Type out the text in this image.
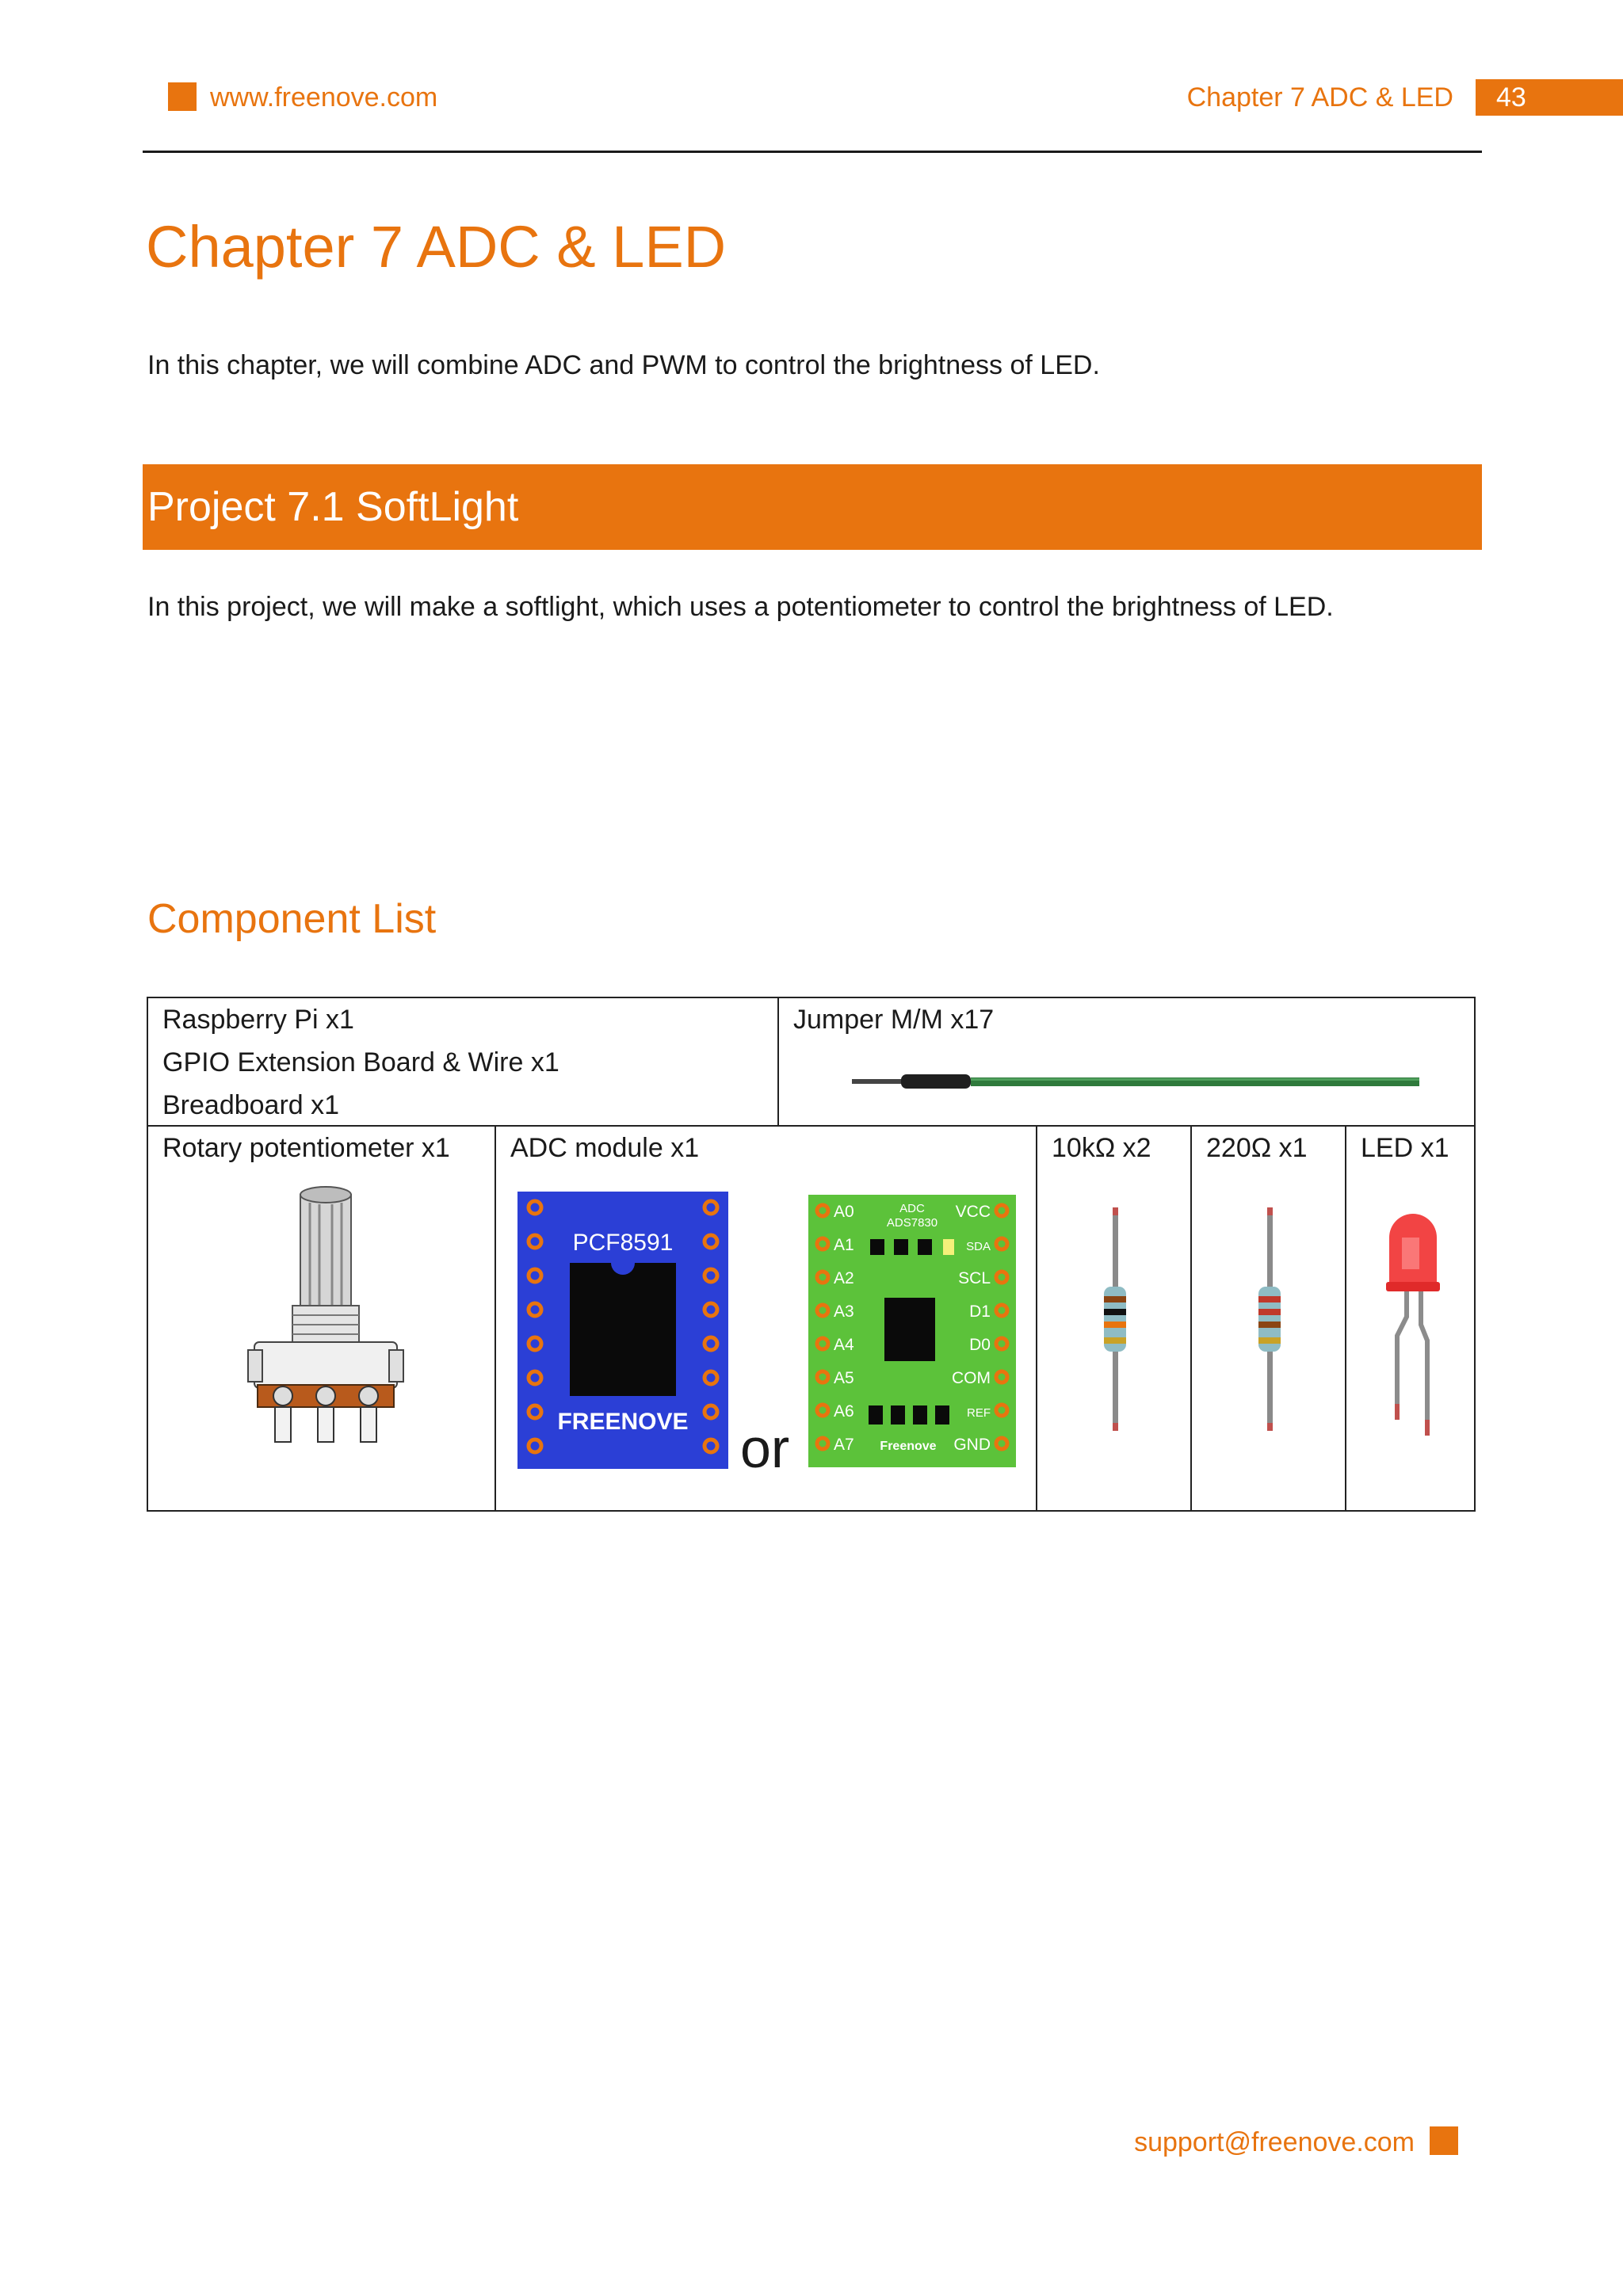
www.freenove.com	Chapter 7 ADC & LED	43
Chapter 7 ADC & LED
In this chapter, we will combine ADC and PWM to control the brightness of LED.
Project 7.1 SoftLight
In this project, we will make a softlight, which uses a potentiometer to control the brightness of LED.
Component List
Raspberry Pi x1
GPIO Extension Board & Wire x1
Breadboard x1
Jumper M/M x17
Rotary potentiometer x1 ADC module x1
PCF8591
FREENOVE or
A0
A1
A2
A3
A4
A5
A6
A7
VCC
SDA
SCL
D1
D0
COM
REF
GND
ADC
ADS7830
Freenove
10kΩ x2 220Ω x1 LED x1
support@freenove.com
